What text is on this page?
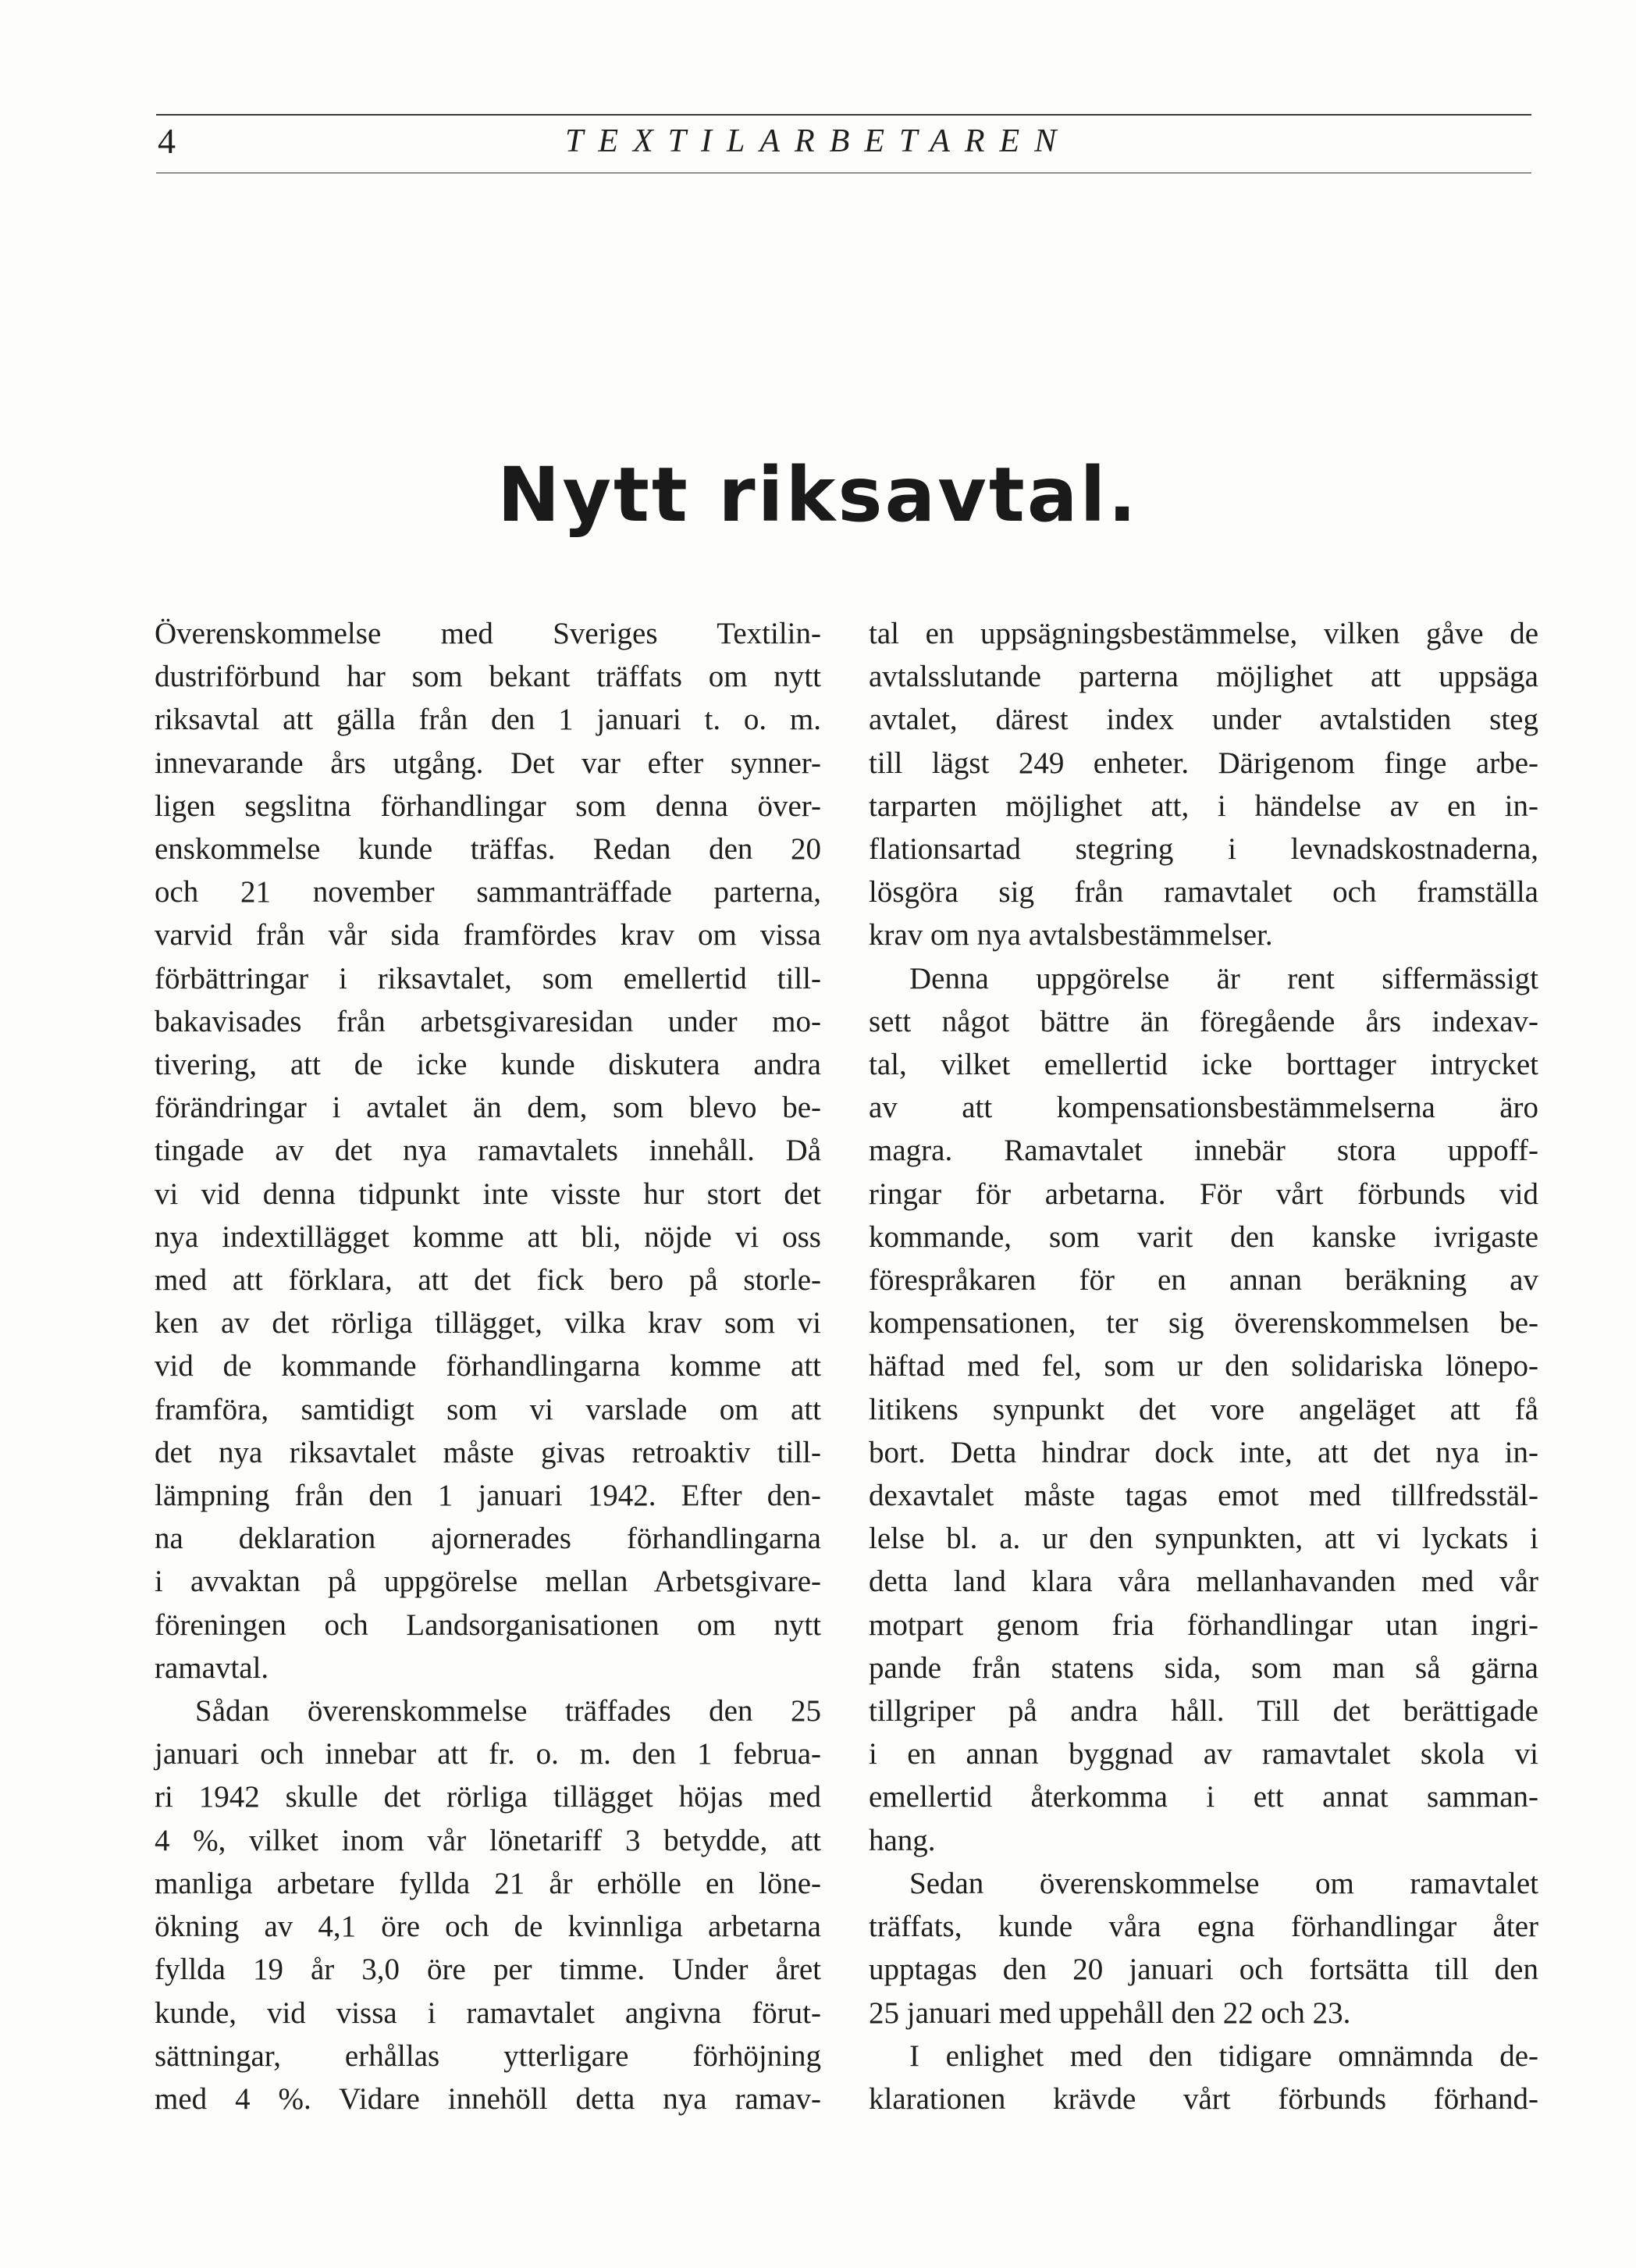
4	TEXTILARBETAREN
Nytt riksavtal.

Överenskommelse med Sveriges Textilin-

dustriförbund har som bekant träffats om nytt

riksavtal att gälla från den 1 januari t. o. m.

innevarande års utgång. Det var efter synner-

ligen segslitna förhandlingar som denna över-

enskommelse kunde träffas. Redan den 20

och 21 november sammanträffade parterna,

varvid från vår sida framfördes krav om vissa

förbättringar i riksavtalet, som emellertid till-

bakavisades från arbetsgivaresidan under mo-

tivering, att de icke kunde diskutera andra

förändringar i avtalet än dem, som blevo be-

tingade av det nya ramavtalets innehåll. Då

vi vid denna tidpunkt inte visste hur stort det

nya indextillägget komme att bli, nöjde vi oss

med att förklara, att det fick bero på storle-

ken av det rörliga tillägget, vilka krav som vi

vid de kommande förhandlingarna komme att

framföra, samtidigt som vi varslade om att

det nya riksavtalet måste givas retroaktiv till-

lämpning från den 1 januari 1942. Efter den-

na deklaration ajornerades förhandlingarna

i avvaktan på uppgörelse mellan Arbetsgivare-

föreningen och Landsorganisationen om nytt

ramavtal.

Sådan överenskommelse träffades den 25

januari och innebar att fr. o. m. den 1 februa-

ri 1942 skulle det rörliga tillägget höjas med

4 %, vilket inom vår lönetariff 3 betydde, att

manliga arbetare fyllda 21 år erhölle en löne-

ökning av 4,1 öre och de kvinnliga arbetarna

fyllda 19 år 3,0 öre per timme. Under året

kunde, vid vissa i ramavtalet angivna förut-

sättningar, erhållas ytterligare förhöjning

med 4 %. Vidare innehöll detta nya ramav-

tal en uppsägningsbestämmelse, vilken gåve de

avtalsslutande parterna möjlighet att uppsäga

avtalet, därest index under avtalstiden steg

till lägst 249 enheter. Därigenom finge arbe-

tarparten möjlighet att, i händelse av en in-

flationsartad stegring i levnadskostnaderna,

lösgöra sig från ramavtalet och framställa

krav om nya avtalsbestämmelser.

Denna uppgörelse är rent siffermässigt

sett något bättre än föregående års indexav-

tal, vilket emellertid icke borttager intrycket

av att kompensationsbestämmelserna äro

magra. Ramavtalet innebär stora uppoff-

ringar för arbetarna. För vårt förbunds vid

kommande, som varit den kanske ivrigaste

förespråkaren för en annan beräkning av

kompensationen, ter sig överenskommelsen be-

häftad med fel, som ur den solidariska lönepo-

litikens synpunkt det vore angeläget att få

bort. Detta hindrar dock inte, att det nya in-

dexavtalet måste tagas emot med tillfredsstäl-

lelse bl. a. ur den synpunkten, att vi lyckats i

detta land klara våra mellanhavanden med vår

motpart genom fria förhandlingar utan ingri-

pande från statens sida, som man så gärna

tillgriper på andra håll. Till det berättigade

i en annan byggnad av ramavtalet skola vi

emellertid återkomma i ett annat samman-

hang.

Sedan överenskommelse om ramavtalet

träffats, kunde våra egna förhandlingar åter

upptagas den 20 januari och fortsätta till den

25 januari med uppehåll den 22 och 23.

I enlighet med den tidigare omnämnda de-

klarationen krävde vårt förbunds förhand-
